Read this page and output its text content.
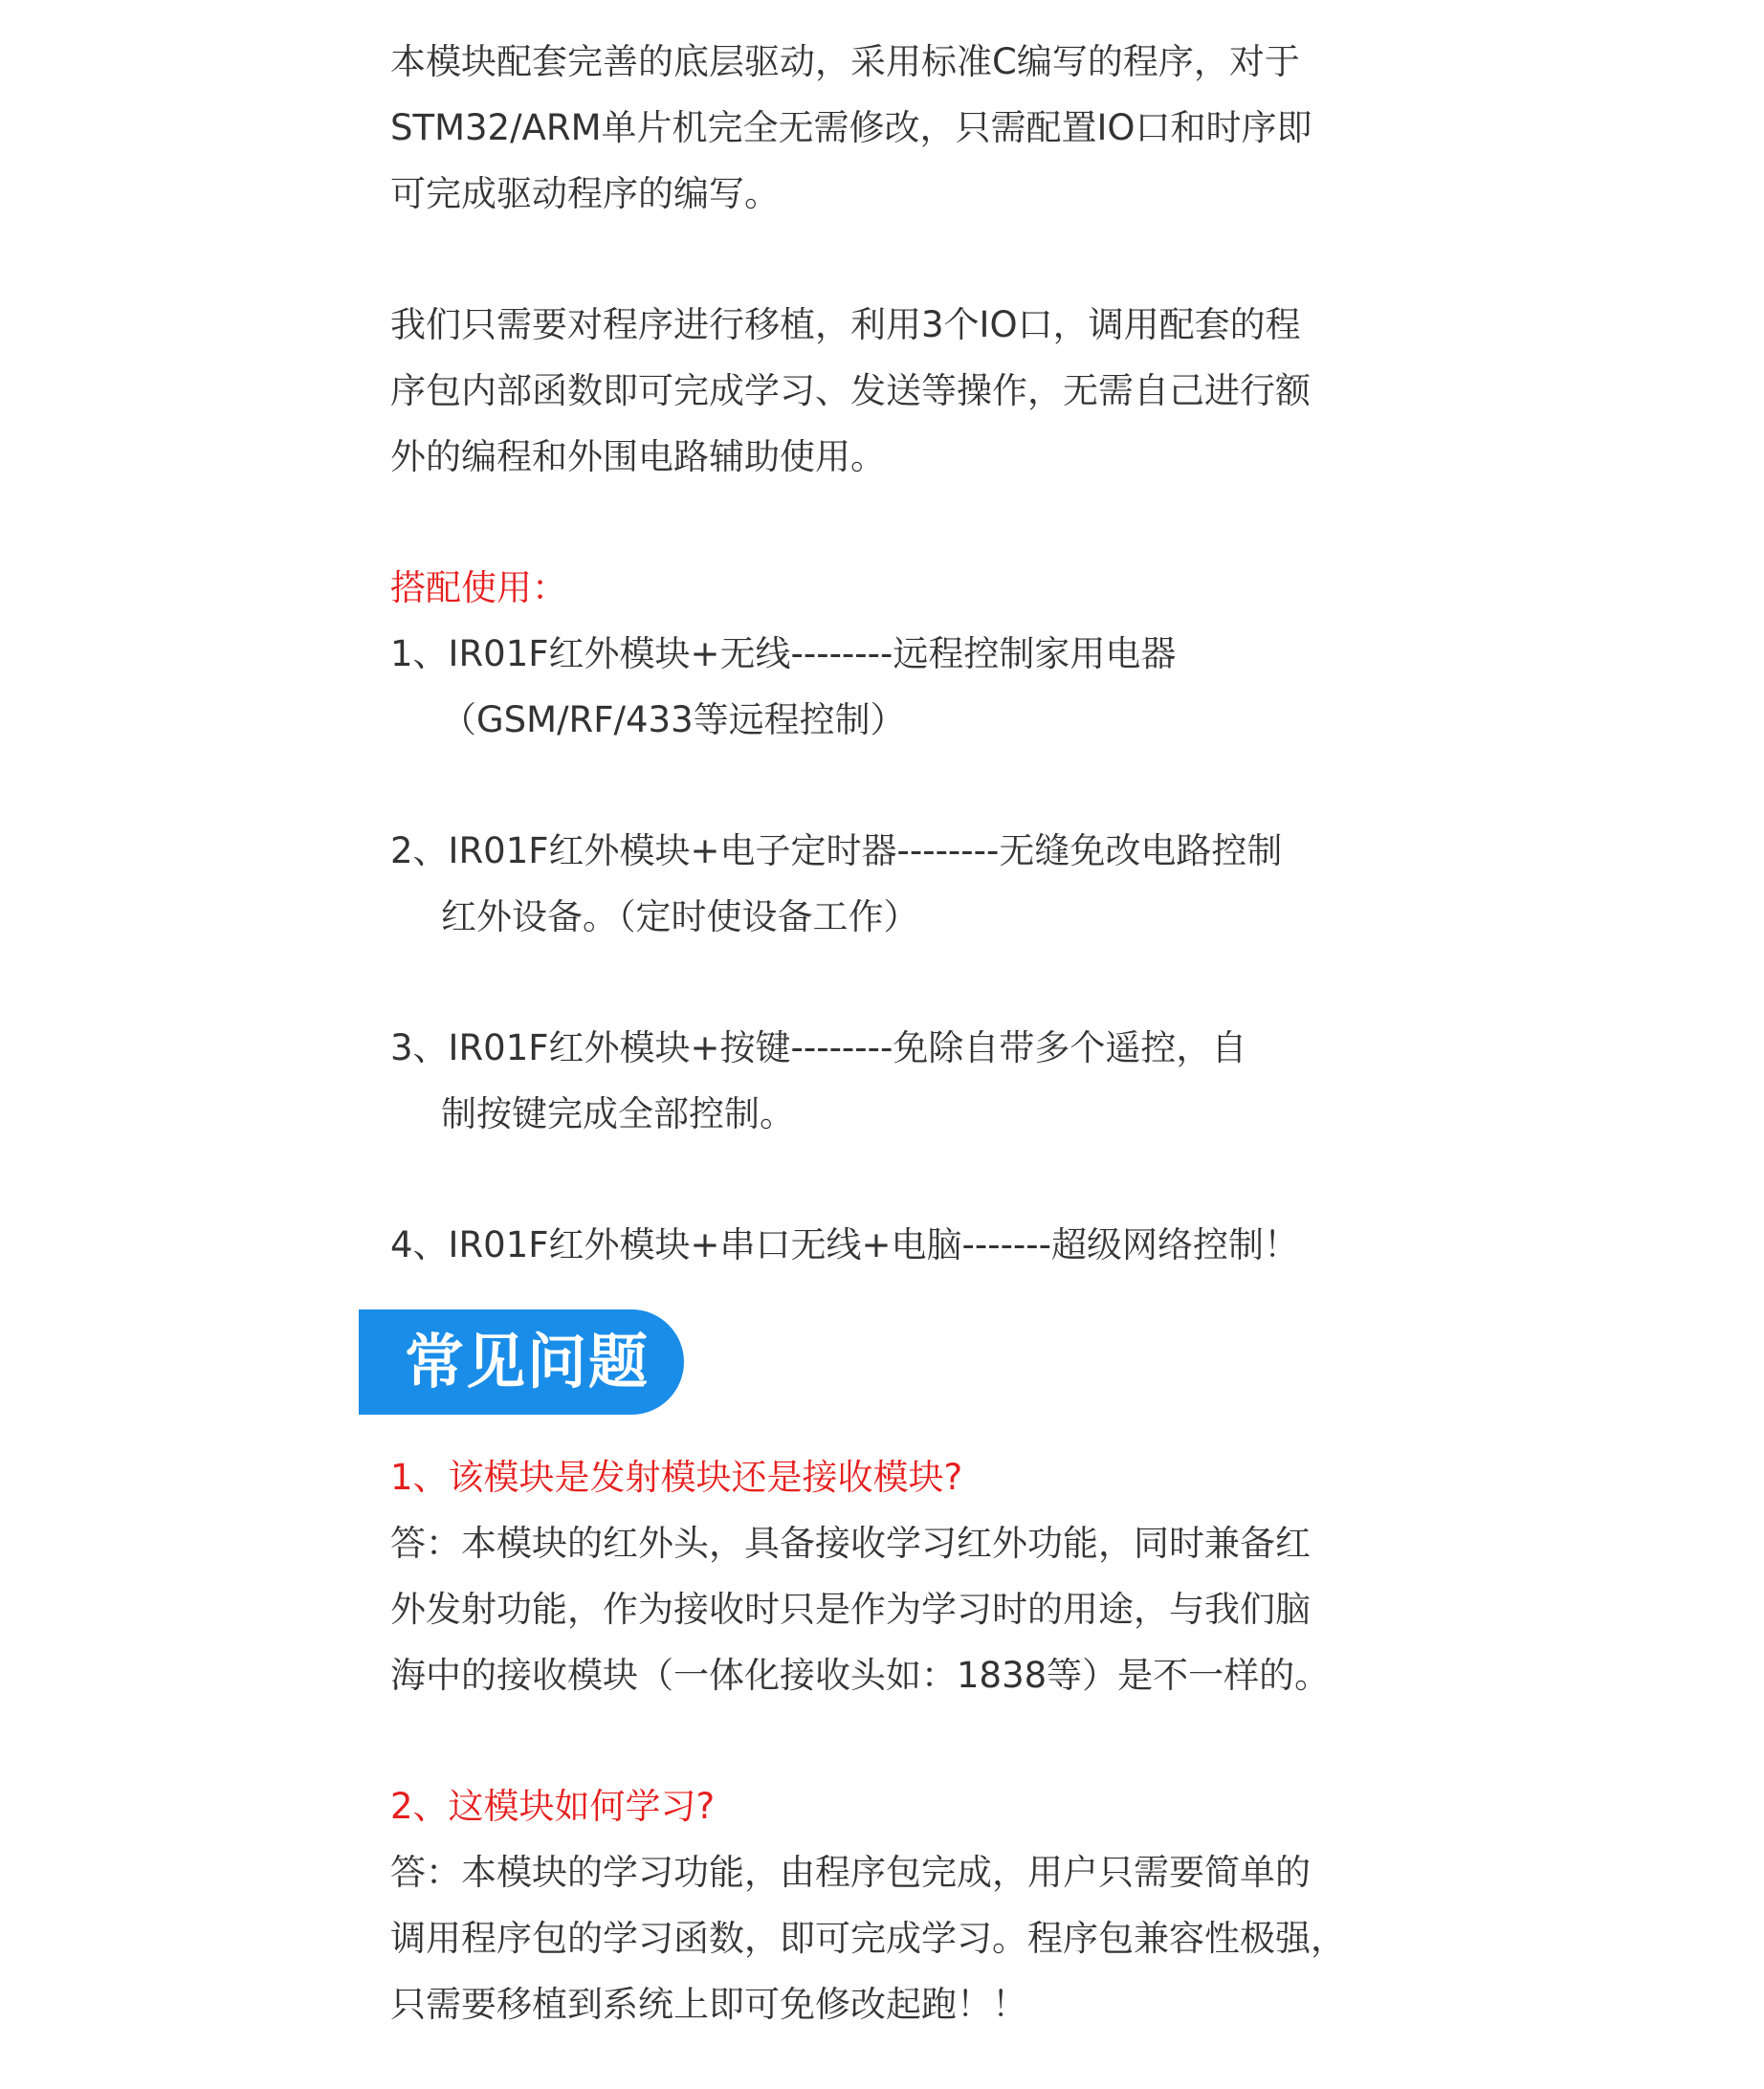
本模块配套完善的底层驱动，采用标准C编写的程序，对于
STM32/ARM单片机完全无需修改，只需配置IO口和时序即
可完成驱动程序的编写。
我们只需要对程序进行移植，利用3个IO口，调用配套的程
序包内部函数即可完成学习、发送等操作，无需自己进行额
外的编程和外围电路辅助使用。
搭配使用：
1、IR01F红外模块+无线--------远程控制家用电器
（GSM/RF/433等远程控制）
2、IR01F红外模块+电子定时器--------无缝免改电路控制
红外设备。（定时使设备工作）
3、IR01F红外模块+按键--------免除自带多个遥控，自
制按键完成全部控制。
4、IR01F红外模块+串口无线+电脑-------超级网络控制！
常见问题
1、该模块是发射模块还是接收模块?
答：本模块的红外头，具备接收学习红外功能，同时兼备红
外发射功能，作为接收时只是作为学习时的用途，与我们脑
海中的接收模块（一体化接收头如：1838等）是不一样的。
2、这模块如何学习?
答：本模块的学习功能，由程序包完成，用户只需要简单的
调用程序包的学习函数，即可完成学习。程序包兼容性极强，
只需要移植到系统上即可免修改起跑！！
